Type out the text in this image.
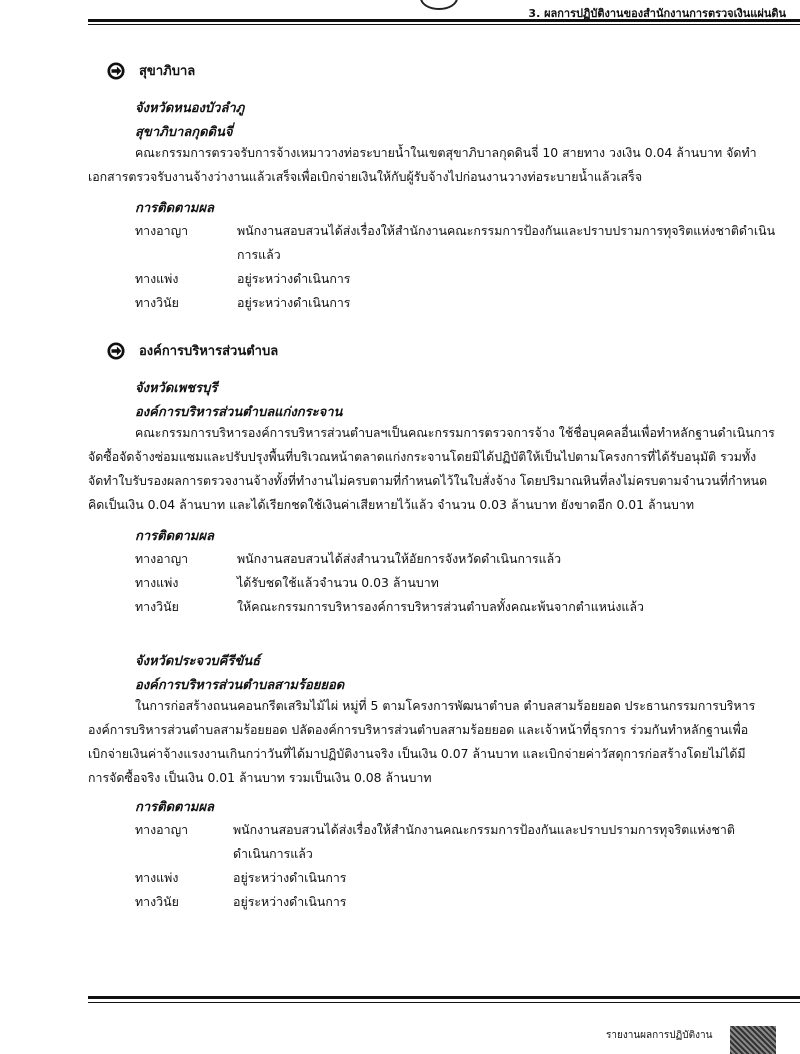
3. ผลการปฏิบัติงานของสำนักงานการตรวจเงินแผ่นดิน
สุขาภิบาล
จังหวัดหนองบัวลำภู
สุขาภิบาลกุดดินจี่
คณะกรรมการตรวจรับการจ้างเหมาวางท่อระบายน้ำในเขตสุขาภิบาลกุดดินจี่ 10 สายทาง วงเงิน 0.04 ล้านบาท จัดทำ
เอกสารตรวจรับงานจ้างว่างานแล้วเสร็จเพื่อเบิกจ่ายเงินให้กับผู้รับจ้างไปก่อนงานวางท่อระบายน้ำแล้วเสร็จ
การติดตามผล
ทางอาญา	พนักงานสอบสวนได้ส่งเรื่องให้สำนักงานคณะกรรมการป้องกันและปราบปรามการทุจริตแห่งชาติดำเนิน
การแล้ว
ทางแพ่ง	อยู่ระหว่างดำเนินการ
ทางวินัย	อยู่ระหว่างดำเนินการ
องค์การบริหารส่วนตำบล
จังหวัดเพชรบุรี
องค์การบริหารส่วนตำบลแก่งกระจาน
คณะกรรมการบริหารองค์การบริหารส่วนตำบลฯเป็นคณะกรรมการตรวจการจ้าง ใช้ชื่อบุคคลอื่นเพื่อทำหลักฐานดำเนินการ
จัดซื้อจัดจ้างซ่อมแซมและปรับปรุงพื้นที่บริเวณหน้าตลาดแก่งกระจานโดยมิได้ปฏิบัติให้เป็นไปตามโครงการที่ได้รับอนุมัติ รวมทั้ง
จัดทำใบรับรองผลการตรวจงานจ้างทั้งที่ทำงานไม่ครบตามที่กำหนดไว้ในใบสั่งจ้าง โดยปริมาณหินที่ลงไม่ครบตามจำนวนที่กำหนด
คิดเป็นเงิน 0.04 ล้านบาท และได้เรียกชดใช้เงินค่าเสียหายไว้แล้ว จำนวน 0.03 ล้านบาท ยังขาดอีก 0.01 ล้านบาท
การติดตามผล
ทางอาญา	พนักงานสอบสวนได้ส่งสำนวนให้อัยการจังหวัดดำเนินการแล้ว
ทางแพ่ง	ได้รับชดใช้แล้วจำนวน 0.03 ล้านบาท
ทางวินัย	ให้คณะกรรมการบริหารองค์การบริหารส่วนตำบลทั้งคณะพ้นจากตำแหน่งแล้ว
จังหวัดประจวบคีรีขันธ์
องค์การบริหารส่วนตำบลสามร้อยยอด
ในการก่อสร้างถนนคอนกรีตเสริมไม้ไผ่ หมู่ที่ 5 ตามโครงการพัฒนาตำบล ตำบลสามร้อยยอด ประธานกรรมการบริหาร
องค์การบริหารส่วนตำบลสามร้อยยอด ปลัดองค์การบริหารส่วนตำบลสามร้อยยอด และเจ้าหน้าที่ธุรการ ร่วมกันทำหลักฐานเพื่อ
เบิกจ่ายเงินค่าจ้างแรงงานเกินกว่าวันที่ได้มาปฏิบัติงานจริง เป็นเงิน 0.07 ล้านบาท และเบิกจ่ายค่าวัสดุการก่อสร้างโดยไม่ได้มี
การจัดซื้อจริง เป็นเงิน 0.01 ล้านบาท รวมเป็นเงิน 0.08 ล้านบาท
การติดตามผล
ทางอาญา	พนักงานสอบสวนได้ส่งเรื่องให้สำนักงานคณะกรรมการป้องกันและปราบปรามการทุจริตแห่งชาติ
ดำเนินการแล้ว
ทางแพ่ง	อยู่ระหว่างดำเนินการ
ทางวินัย	อยู่ระหว่างดำเนินการ
รายงานผลการปฏิบัติงาน
